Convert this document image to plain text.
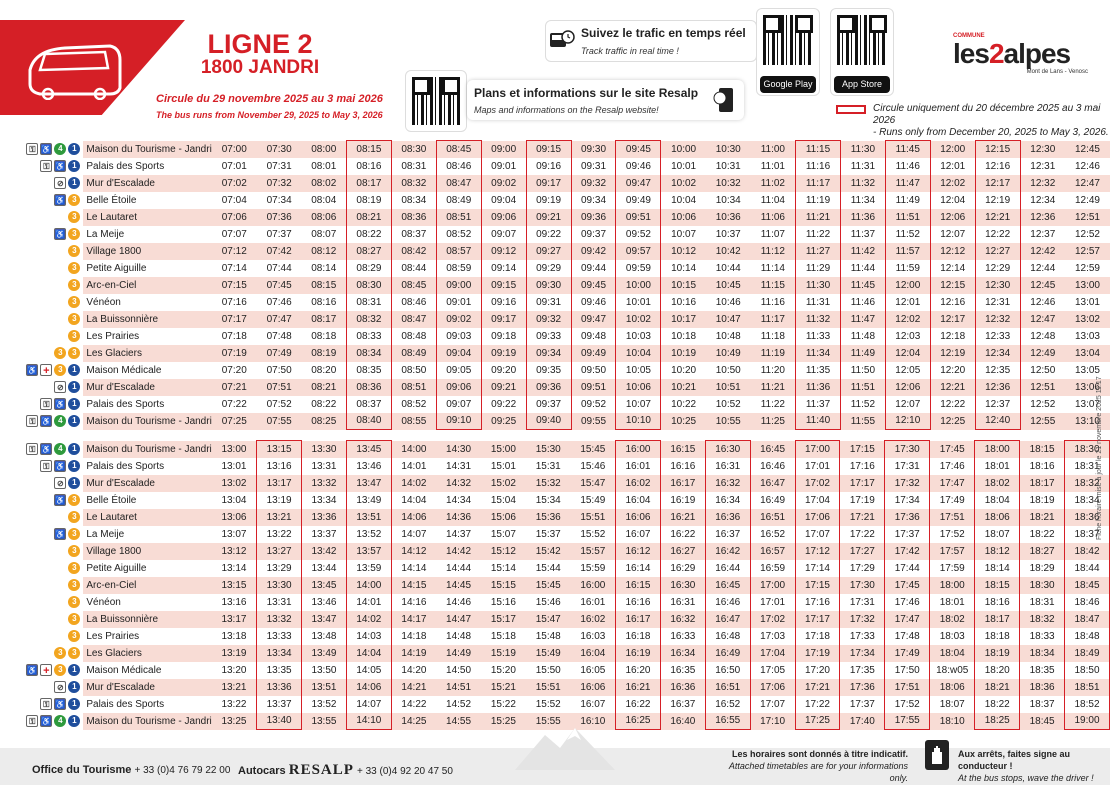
LIGNE 2
1800 JANDRI
Circule du 29 novembre 2025 au 3 mai 2026
The bus runs from November 29, 2025 to May 3, 2026
Suivez le trafic en temps réel
Track traffic in real time !
Google Play	App Store
Plans et informations sur le site Resalp
Maps and informations on the Resalp website!
COMMUNE
les2alpes
Mont de Lans - Venosc
Circule uniquement du 20 décembre 2025 au 3 mai 2026
- Runs only from December 20, 2025 to May 3, 2026.
⚿ ♿ 4 1	Maison du Tourisme - Jandri	07:00	07:30	08:00	08:15	08:30	08:45	09:00	09:15	09:30	09:45	10:00	10:30	11:00	11:15	11:30	11:45	12:00	12:15	12:30	12:45
⚿ ♿ 1	Palais des Sports	07:01	07:31	08:01	08:16	08:31	08:46	09:01	09:16	09:31	09:46	10:01	10:31	11:01	11:16	11:31	11:46	12:01	12:16	12:31	12:46
⊘ 1	Mur d'Escalade	07:02	07:32	08:02	08:17	08:32	08:47	09:02	09:17	09:32	09:47	10:02	10:32	11:02	11:17	11:32	11:47	12:02	12:17	12:32	12:47
♿ 3	Belle Étoile	07:04	07:34	08:04	08:19	08:34	08:49	09:04	09:19	09:34	09:49	10:04	10:34	11:04	11:19	11:34	11:49	12:04	12:19	12:34	12:49
3	Le Lautaret	07:06	07:36	08:06	08:21	08:36	08:51	09:06	09:21	09:36	09:51	10:06	10:36	11:06	11:21	11:36	11:51	12:06	12:21	12:36	12:51
♿ 3	La Meije	07:07	07:37	08:07	08:22	08:37	08:52	09:07	09:22	09:37	09:52	10:07	10:37	11:07	11:22	11:37	11:52	12:07	12:22	12:37	12:52
3	Village 1800	07:12	07:42	08:12	08:27	08:42	08:57	09:12	09:27	09:42	09:57	10:12	10:42	11:12	11:27	11:42	11:57	12:12	12:27	12:42	12:57
3	Petite Aiguille	07:14	07:44	08:14	08:29	08:44	08:59	09:14	09:29	09:44	09:59	10:14	10:44	11:14	11:29	11:44	11:59	12:14	12:29	12:44	12:59
3	Arc-en-Ciel	07:15	07:45	08:15	08:30	08:45	09:00	09:15	09:30	09:45	10:00	10:15	10:45	11:15	11:30	11:45	12:00	12:15	12:30	12:45	13:00
3	Vénéon	07:16	07:46	08:16	08:31	08:46	09:01	09:16	09:31	09:46	10:01	10:16	10:46	11:16	11:31	11:46	12:01	12:16	12:31	12:46	13:01
3	La Buissonnière	07:17	07:47	08:17	08:32	08:47	09:02	09:17	09:32	09:47	10:02	10:17	10:47	11:17	11:32	11:47	12:02	12:17	12:32	12:47	13:02
3	Les Prairies	07:18	07:48	08:18	08:33	08:48	09:03	09:18	09:33	09:48	10:03	10:18	10:48	11:18	11:33	11:48	12:03	12:18	12:33	12:48	13:03
3 3	Les Glaciers	07:19	07:49	08:19	08:34	08:49	09:04	09:19	09:34	09:49	10:04	10:19	10:49	11:19	11:34	11:49	12:04	12:19	12:34	12:49	13:04
♿ + 3 1	Maison Médicale	07:20	07:50	08:20	08:35	08:50	09:05	09:20	09:35	09:50	10:05	10:20	10:50	11:20	11:35	11:50	12:05	12:20	12:35	12:50	13:05
⊘ 1	Mur d'Escalade	07:21	07:51	08:21	08:36	08:51	09:06	09:21	09:36	09:51	10:06	10:21	10:51	11:21	11:36	11:51	12:06	12:21	12:36	12:51	13:06
⚿ ♿ 1	Palais des Sports	07:22	07:52	08:22	08:37	08:52	09:07	09:22	09:37	09:52	10:07	10:22	10:52	11:22	11:37	11:52	12:07	12:22	12:37	12:52	13:07
⚿ ♿ 4 1	Maison du Tourisme - Jandri	07:25	07:55	08:25	08:40	08:55	09:10	09:25	09:40	09:55	10:10	10:25	10:55	11:25	11:40	11:55	12:10	12:25	12:40	12:55	13:10
⚿ ♿ 4 1	Maison du Tourisme - Jandri	13:00	13:15	13:30	13:45	14:00	14:30	15:00	15:30	15:45	16:00	16:15	16:30	16:45	17:00	17:15	17:30	17:45	18:00	18:15	18:30
⚿ ♿ 1	Palais des Sports	13:01	13:16	13:31	13:46	14:01	14:31	15:01	15:31	15:46	16:01	16:16	16:31	16:46	17:01	17:16	17:31	17:46	18:01	18:16	18:31
⊘ 1	Mur d'Escalade	13:02	13:17	13:32	13:47	14:02	14:32	15:02	15:32	15:47	16:02	16:17	16:32	16:47	17:02	17:17	17:32	17:47	18:02	18:17	18:32
♿ 3	Belle Étoile	13:04	13:19	13:34	13:49	14:04	14:34	15:04	15:34	15:49	16:04	16:19	16:34	16:49	17:04	17:19	17:34	17:49	18:04	18:19	18:34
3	Le Lautaret	13:06	13:21	13:36	13:51	14:06	14:36	15:06	15:36	15:51	16:06	16:21	16:36	16:51	17:06	17:21	17:36	17:51	18:06	18:21	18:36
♿ 3	La Meije	13:07	13:22	13:37	13:52	14:07	14:37	15:07	15:37	15:52	16:07	16:22	16:37	16:52	17:07	17:22	17:37	17:52	18:07	18:22	18:37
3	Village 1800	13:12	13:27	13:42	13:57	14:12	14:42	15:12	15:42	15:57	16:12	16:27	16:42	16:57	17:12	17:27	17:42	17:57	18:12	18:27	18:42
3	Petite Aiguille	13:14	13:29	13:44	13:59	14:14	14:44	15:14	15:44	15:59	16:14	16:29	16:44	16:59	17:14	17:29	17:44	17:59	18:14	18:29	18:44
3	Arc-en-Ciel	13:15	13:30	13:45	14:00	14:15	14:45	15:15	15:45	16:00	16:15	16:30	16:45	17:00	17:15	17:30	17:45	18:00	18:15	18:30	18:45
3	Vénéon	13:16	13:31	13:46	14:01	14:16	14:46	15:16	15:46	16:01	16:16	16:31	16:46	17:01	17:16	17:31	17:46	18:01	18:16	18:31	18:46
3	La Buissonnière	13:17	13:32	13:47	14:02	14:17	14:47	15:17	15:47	16:02	16:17	16:32	16:47	17:02	17:17	17:32	17:47	18:02	18:17	18:32	18:47
3	Les Prairies	13:18	13:33	13:48	14:03	14:18	14:48	15:18	15:48	16:03	16:18	16:33	16:48	17:03	17:18	17:33	17:48	18:03	18:18	18:33	18:48
3 3	Les Glaciers	13:19	13:34	13:49	14:04	14:19	14:49	15:19	15:49	16:04	16:19	16:34	16:49	17:04	17:19	17:34	17:49	18:04	18:19	18:34	18:49
♿ + 3 1	Maison Médicale	13:20	13:35	13:50	14:05	14:20	14:50	15:20	15:50	16:05	16:20	16:35	16:50	17:05	17:20	17:35	17:50	18:w05	18:20	18:35	18:50
⊘ 1	Mur d'Escalade	13:21	13:36	13:51	14:06	14:21	14:51	15:21	15:51	16:06	16:21	16:36	16:51	17:06	17:21	17:36	17:51	18:06	18:21	18:36	18:51
⚿ ♿ 1	Palais des Sports	13:22	13:37	13:52	14:07	14:22	14:52	15:22	15:52	16:07	16:22	16:37	16:52	17:07	17:22	17:37	17:52	18:07	18:22	18:37	18:52
⚿ ♿ 4 1	Maison du Tourisme - Jandri	13:25	13:40	13:55	14:10	14:25	14:55	15:25	15:55	16:10	16:25	16:40	16:55	17:10	17:25	17:40	17:55	18:10	18:25	18:45	19:00
Office du Tourisme + 33 (0)4 76 79 22 00 Autocars RESALP + 33 (0)4 92 20 47 50
Les horaires sont donnés à titre indicatif.
Attached timetables are for your informations only.
Aux arrêts, faites signe au conducteur !
At the bus stops, wave the driver !
Fiche horaire mise à jour le 21 novembre 2025 11:17
